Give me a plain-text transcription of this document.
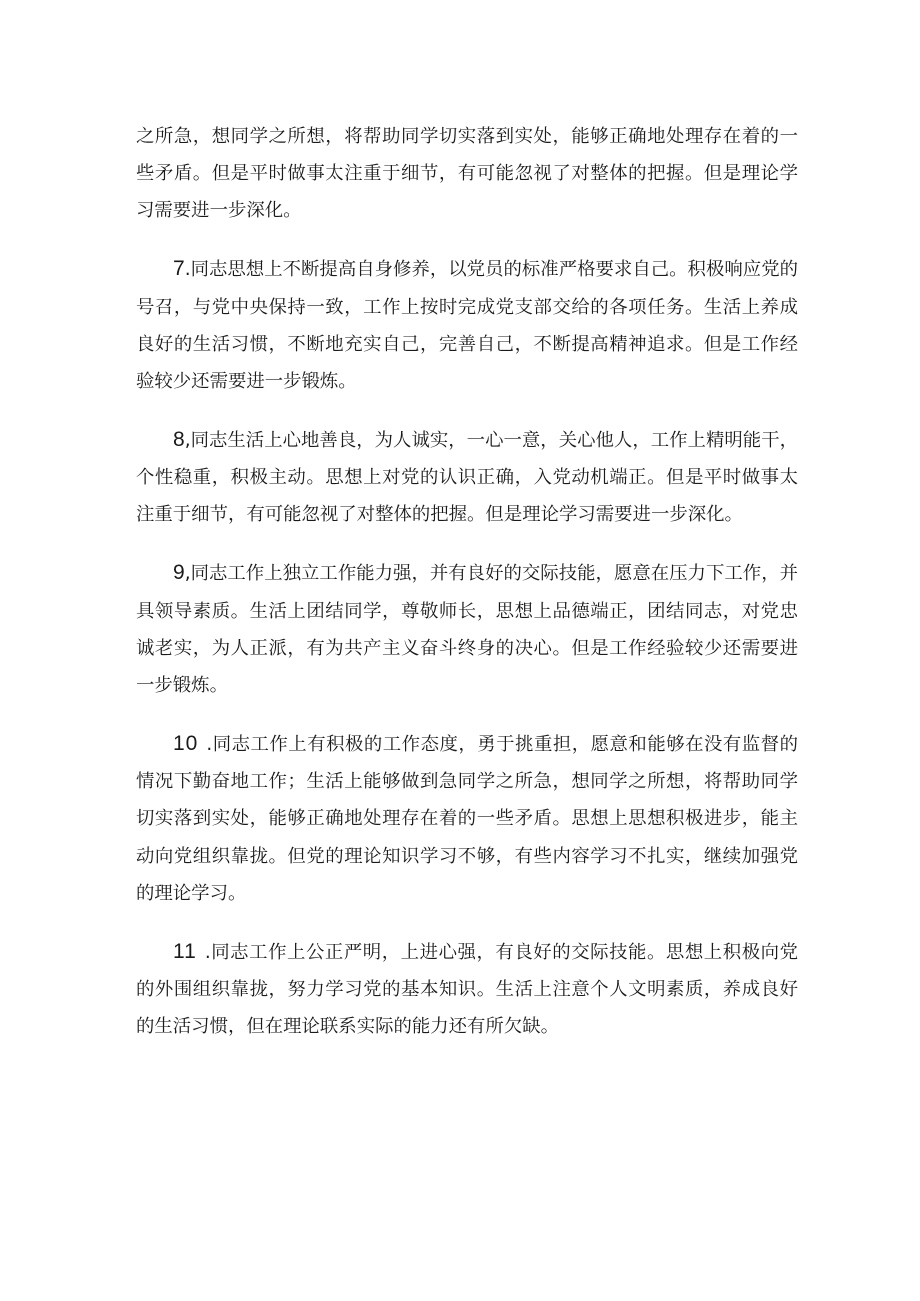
之所急，想同学之所想，将帮助同学切实落到实处，能够正确地处理存在着的一些矛盾。但是平时做事太注重于细节，有可能忽视了对整体的把握。但是理论学习需要进一步深化。

7.同志思想上不断提高自身修养，以党员的标准严格要求自己。积极响应党的号召，与党中央保持一致，工作上按时完成党支部交给的各项任务。生活上养成良好的生活习惯，不断地充实自己，完善自己，不断提高精神追求。但是工作经验较少还需要进一步锻炼。

8,同志生活上心地善良，为人诚实，一心一意，关心他人，工作上精明能干，个性稳重，积极主动。思想上对党的认识正确，入党动机端正。但是平时做事太注重于细节，有可能忽视了对整体的把握。但是理论学习需要进一步深化。

9,同志工作上独立工作能力强，并有良好的交际技能，愿意在压力下工作，并具领导素质。生活上团结同学，尊敬师长，思想上品德端正，团结同志，对党忠诚老实，为人正派，有为共产主义奋斗终身的决心。但是工作经验较少还需要进一步锻炼。

10 .同志工作上有积极的工作态度，勇于挑重担，愿意和能够在没有监督的情况下勤奋地工作；生活上能够做到急同学之所急，想同学之所想，将帮助同学切实落到实处，能够正确地处理存在着的一些矛盾。思想上思想积极进步，能主动向党组织靠拢。但党的理论知识学习不够，有些内容学习不扎实，继续加强党的理论学习。

11 .同志工作上公正严明，上进心强，有良好的交际技能。思想上积极向党的外围组织靠拢，努力学习党的基本知识。生活上注意个人文明素质，养成良好的生活习惯，但在理论联系实际的能力还有所欠缺。
